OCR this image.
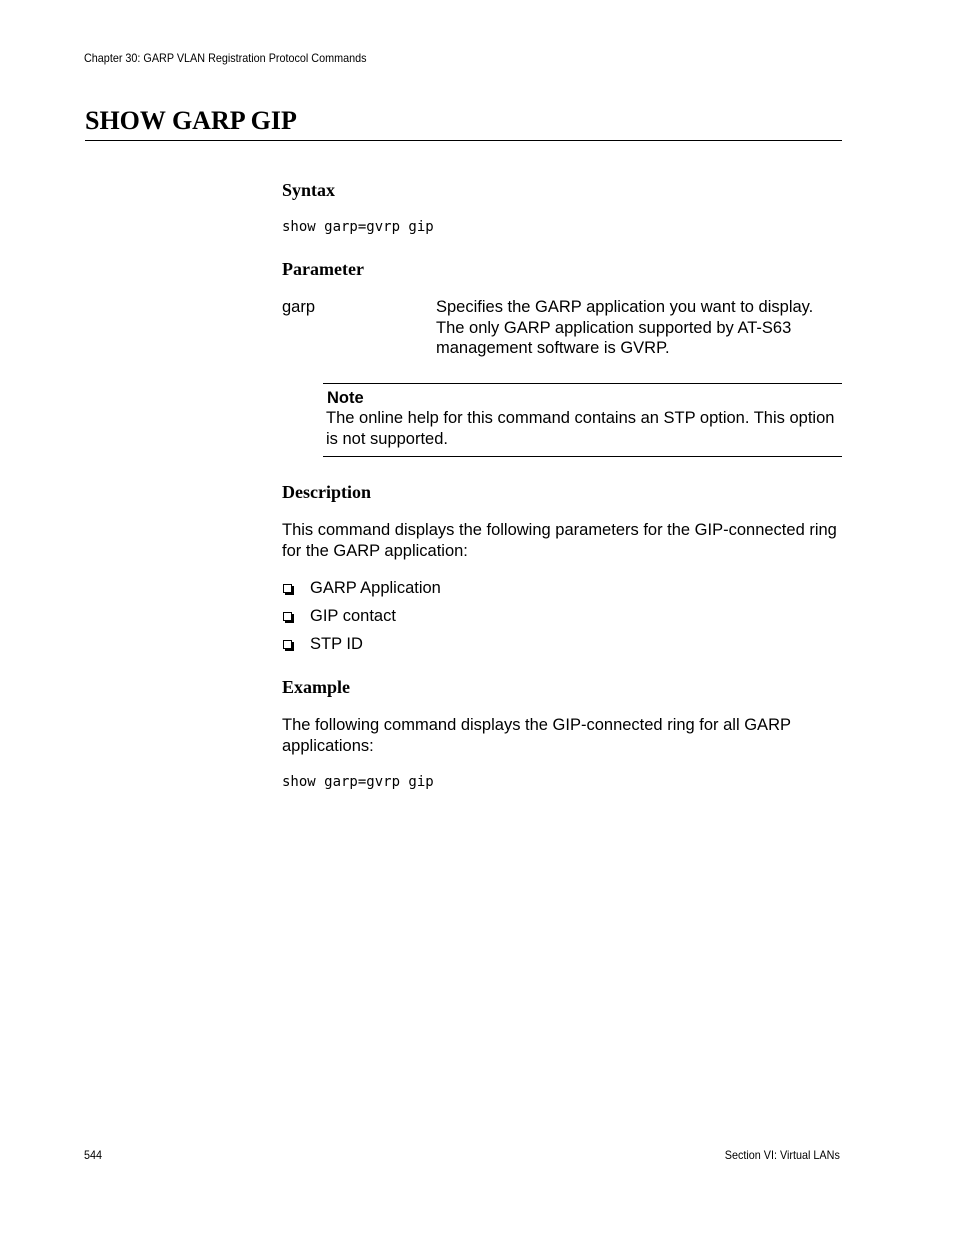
Chapter 30: GARP VLAN Registration Protocol Commands
SHOW GARP GIP
Syntax
show garp=gvrp gip
Parameter
garp	Specifies the GARP application you want to display. The only GARP application supported by AT-S63 management software is GVRP.
Note
The online help for this command contains an STP option. This option is not supported.
Description
This command displays the following parameters for the GIP-connected ring for the GARP application:
GARP Application
GIP contact
STP ID
Example
The following command displays the GIP-connected ring for all GARP applications:
show garp=gvrp gip
544	Section VI: Virtual LANs
